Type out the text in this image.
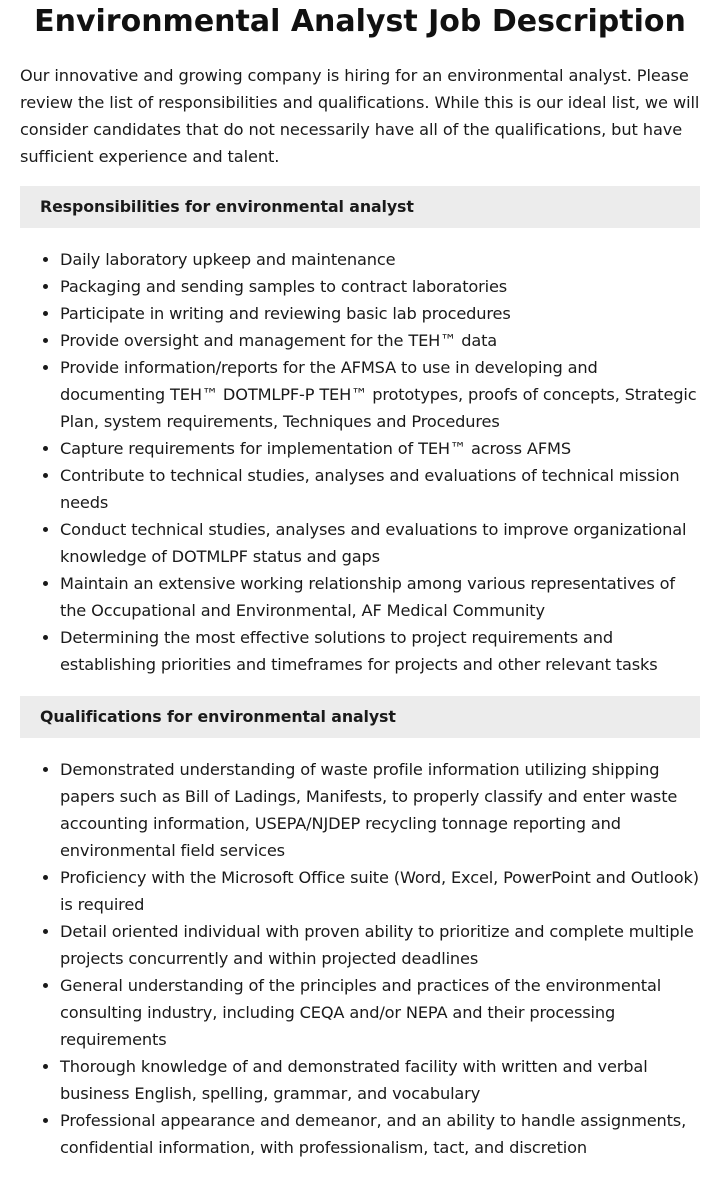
Environmental Analyst Job Description

Our innovative and growing company is hiring for an environmental analyst. Please review the list of responsibilities and qualifications. While this is our ideal list, we will consider candidates that do not necessarily have all of the qualifications, but have sufficient experience and talent.

Responsibilities for environmental analyst
• Daily laboratory upkeep and maintenance
• Packaging and sending samples to contract laboratories
• Participate in writing and reviewing basic lab procedures
• Provide oversight and management for the TEH™ data
• Provide information/reports for the AFMSA to use in developing and documenting TEH™ DOTMLPF-P TEH™ prototypes, proofs of concepts, Strategic Plan, system requirements, Techniques and Procedures
• Capture requirements for implementation of TEH™ across AFMS
• Contribute to technical studies, analyses and evaluations of technical mission needs
• Conduct technical studies, analyses and evaluations to improve organizational knowledge of DOTMLPF status and gaps
• Maintain an extensive working relationship among various representatives of the Occupational and Environmental, AF Medical Community
• Determining the most effective solutions to project requirements and establishing priorities and timeframes for projects and other relevant tasks
Qualifications for environmental analyst
• Demonstrated understanding of waste profile information utilizing shipping papers such as Bill of Ladings, Manifests, to properly classify and enter waste accounting information, USEPA/NJDEP recycling tonnage reporting and environmental field services
• Proficiency with the Microsoft Office suite (Word, Excel, PowerPoint and Outlook) is required
• Detail oriented individual with proven ability to prioritize and complete multiple projects concurrently and within projected deadlines
• General understanding of the principles and practices of the environmental consulting industry, including CEQA and/or NEPA and their processing requirements
• Thorough knowledge of and demonstrated facility with written and verbal business English, spelling, grammar, and vocabulary
• Professional appearance and demeanor, and an ability to handle assignments, confidential information, with professionalism, tact, and discretion
